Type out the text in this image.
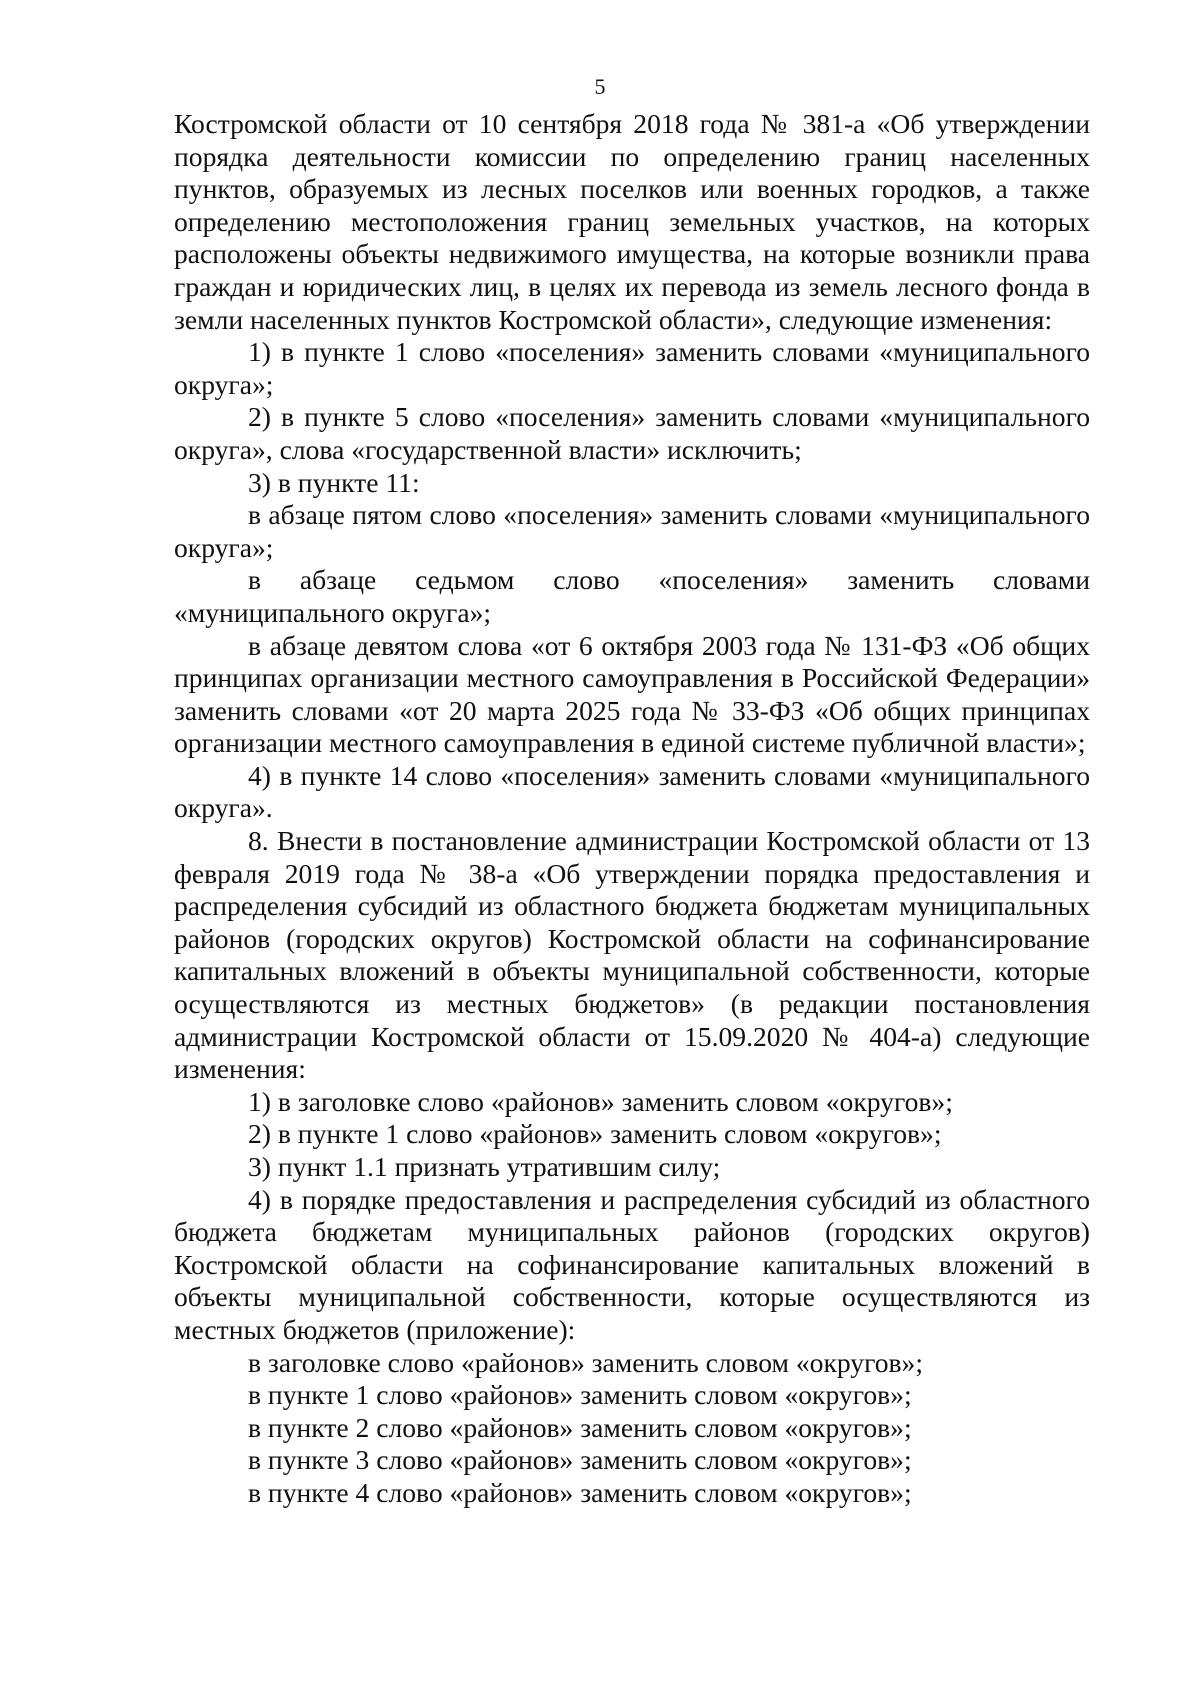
5

Костромской области от 10 сентября 2018 года № 381-а «Об утверждении порядка деятельности комиссии по определению границ населенных пунктов, образуемых из лесных поселков или военных городков, а также определению местоположения границ земельных участков, на которых расположены объекты недвижимого имущества, на которые возникли права граждан и юридических лиц, в целях их перевода из земель лесного фонда в земли населенных пунктов Костромской области», следующие изменения:

1) в пункте 1 слово «поселения» заменить словами «муниципального округа»;

2) в пункте 5 слово «поселения» заменить словами «муниципального округа», слова «государственной власти» исключить;

3) в пункте 11:

в абзаце пятом слово «поселения» заменить словами «муниципального округа»;

в абзаце седьмом слово «поселения» заменить словами «муниципального округа»;

в абзаце девятом слова «от 6 октября 2003 года № 131-ФЗ «Об общих принципах организации местного самоуправления в Российской Федерации» заменить словами «от 20 марта 2025 года № 33-ФЗ «Об общих принципах организации местного самоуправления в единой системе публичной власти»;

4) в пункте 14 слово «поселения» заменить словами «муниципального округа».

8. Внести в постановление администрации Костромской области от 13 февраля 2019 года № 38-а «Об утверждении порядка предоставления и распределения субсидий из областного бюджета бюджетам муниципальных районов (городских округов) Костромской области на софинансирование капитальных вложений в объекты муниципальной собственности, которые осуществляются из местных бюджетов» (в редакции постановления администрации Костромской области от 15.09.2020 № 404-а) следующие изменения:

1) в заголовке слово «районов» заменить словом «округов»;

2) в пункте 1 слово «районов» заменить словом «округов»;

3) пункт 1.1 признать утратившим силу;

4) в порядке предоставления и распределения субсидий из областного бюджета бюджетам муниципальных районов (городских округов) Костромской области на софинансирование капитальных вложений в объекты муниципальной собственности, которые осуществляются из местных бюджетов (приложение):

в заголовке слово «районов» заменить словом «округов»;

в пункте 1 слово «районов» заменить словом «округов»;

в пункте 2 слово «районов» заменить словом «округов»;

в пункте 3 слово «районов» заменить словом «округов»;

в пункте 4 слово «районов» заменить словом «округов»;
